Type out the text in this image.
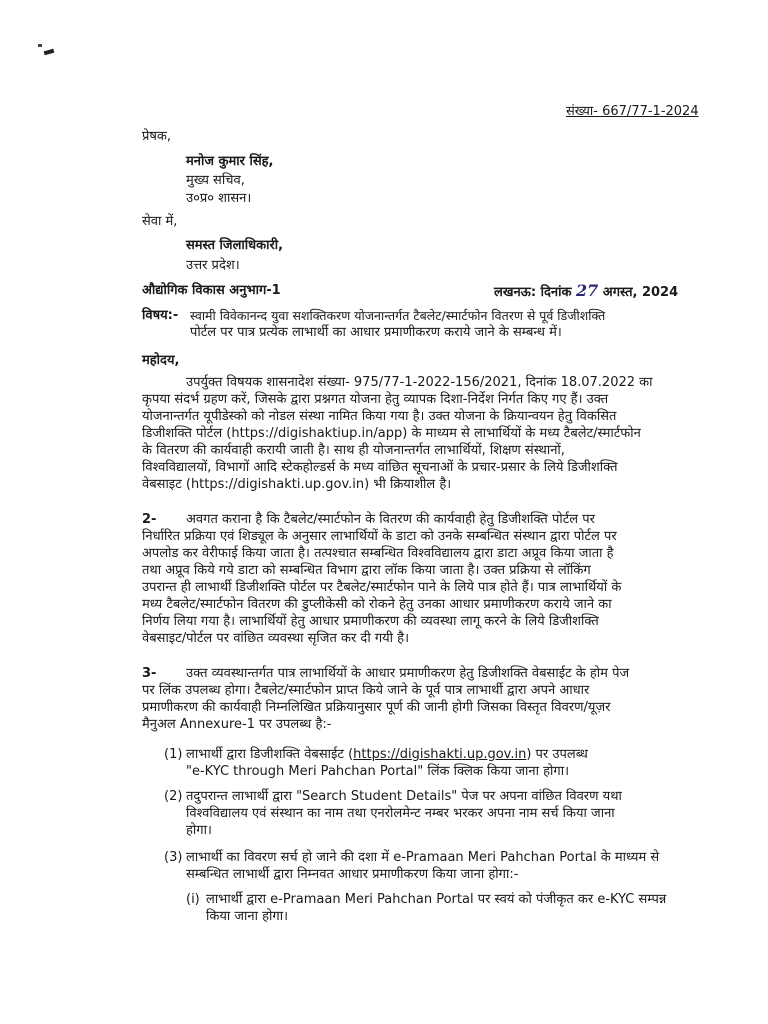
संख्या- 667/77-1-2024
प्रेषक,
मनोज कुमार सिंह,
मुख्य सचिव,
उ०प्र० शासन।
सेवा में,
समस्त जिलाधिकारी,
उत्तर प्रदेश।
औद्योगिक विकास अनुभाग-1	लखनऊ: दिनांक 27 अगस्त, 2024
विषय:- स्वामी विवेकानन्द युवा सशक्तिकरण योजनान्तर्गत टैबलेट/स्मार्टफोन वितरण से पूर्व डिजीशक्ति
पोर्टल पर पात्र प्रत्येक लाभार्थी का आधार प्रमाणीकरण कराये जाने के सम्बन्ध में।
महोदय,
उपर्युक्त विषयक शासनादेश संख्या- 975/77-1-2022-156/2021, दिनांक 18.07.2022 का
कृपया संदर्भ ग्रहण करें, जिसके द्वारा प्रश्नगत योजना हेतु व्यापक दिशा-निर्देश निर्गत किए गए हैं। उक्त
योजनान्तर्गत यूपीडेस्को को नोडल संस्था नामित किया गया है। उक्त योजना के क्रियान्वयन हेतु विकसित
डिजीशक्ति पोर्टल (https://digishaktiup.in/app) के माध्यम से लाभार्थियों के मध्य टैबलेट/स्मार्टफोन
के वितरण की कार्यवाही करायी जाती है। साथ ही योजनान्तर्गत लाभार्थियों, शिक्षण संस्थानों,
विश्वविद्यालयों, विभागों आदि स्टेकहोल्डर्स के मध्य वांछित सूचनाओं के प्रचार-प्रसार के लिये डिजीशक्ति
वेबसाइट (https://digishakti.up.gov.in) भी क्रियाशील है।
2-	अवगत कराना है कि टैबलेट/स्मार्टफोन के वितरण की कार्यवाही हेतु डिजीशक्ति पोर्टल पर
निर्धारित प्रक्रिया एवं शिड्यूल के अनुसार लाभार्थियों के डाटा को उनके सम्बन्धित संस्थान द्वारा पोर्टल पर
अपलोड कर वेरीफाई किया जाता है। तत्पश्चात सम्बन्धित विश्वविद्यालय द्वारा डाटा अप्रूव किया जाता है
तथा अप्रूव किये गये डाटा को सम्बन्धित विभाग द्वारा लॉक किया जाता है। उक्त प्रक्रिया से लॉकिंग
उपरान्त ही लाभार्थी डिजीशक्ति पोर्टल पर टैबलेट/स्मार्टफोन पाने के लिये पात्र होते हैं। पात्र लाभार्थियों के
मध्य टैबलेट/स्मार्टफोन वितरण की डुप्लीकेसी को रोकने हेतु उनका आधार प्रमाणीकरण कराये जाने का
निर्णय लिया गया है। लाभार्थियों हेतु आधार प्रमाणीकरण की व्यवस्था लागू करने के लिये डिजीशक्ति
वेबसाइट/पोर्टल पर वांछित व्यवस्था सृजित कर दी गयी है।
3-	उक्त व्यवस्थान्तर्गत पात्र लाभार्थियों के आधार प्रमाणीकरण हेतु डिजीशक्ति वेबसाईट के होम पेज
पर लिंक उपलब्ध होगा। टैबलेट/स्मार्टफोन प्राप्त किये जाने के पूर्व पात्र लाभार्थी द्वारा अपने आधार
प्रमाणीकरण की कार्यवाही निम्नलिखित प्रक्रियानुसार पूर्ण की जानी होगी जिसका विस्तृत विवरण/यूज़र
मैनुअल Annexure-1 पर उपलब्ध है:-
(1) लाभार्थी द्वारा डिजीशक्ति वेबसाईट (https://digishakti.up.gov.in) पर उपलब्ध
"e-KYC through Meri Pahchan Portal" लिंक क्लिक किया जाना होगा।
(2) तदुपरान्त लाभार्थी द्वारा "Search Student Details" पेज पर अपना वांछित विवरण यथा
विश्वविद्यालय एवं संस्थान का नाम तथा एनरोलमेन्ट नम्बर भरकर अपना नाम सर्च किया जाना
होगा।
(3) लाभार्थी का विवरण सर्च हो जाने की दशा में e-Pramaan Meri Pahchan Portal के माध्यम से
सम्बन्धित लाभार्थी द्वारा निम्नवत आधार प्रमाणीकरण किया जाना होगा:-
(i) लाभार्थी द्वारा e-Pramaan Meri Pahchan Portal पर स्वयं को पंजीकृत कर e-KYC सम्पन्न
किया जाना होगा।
